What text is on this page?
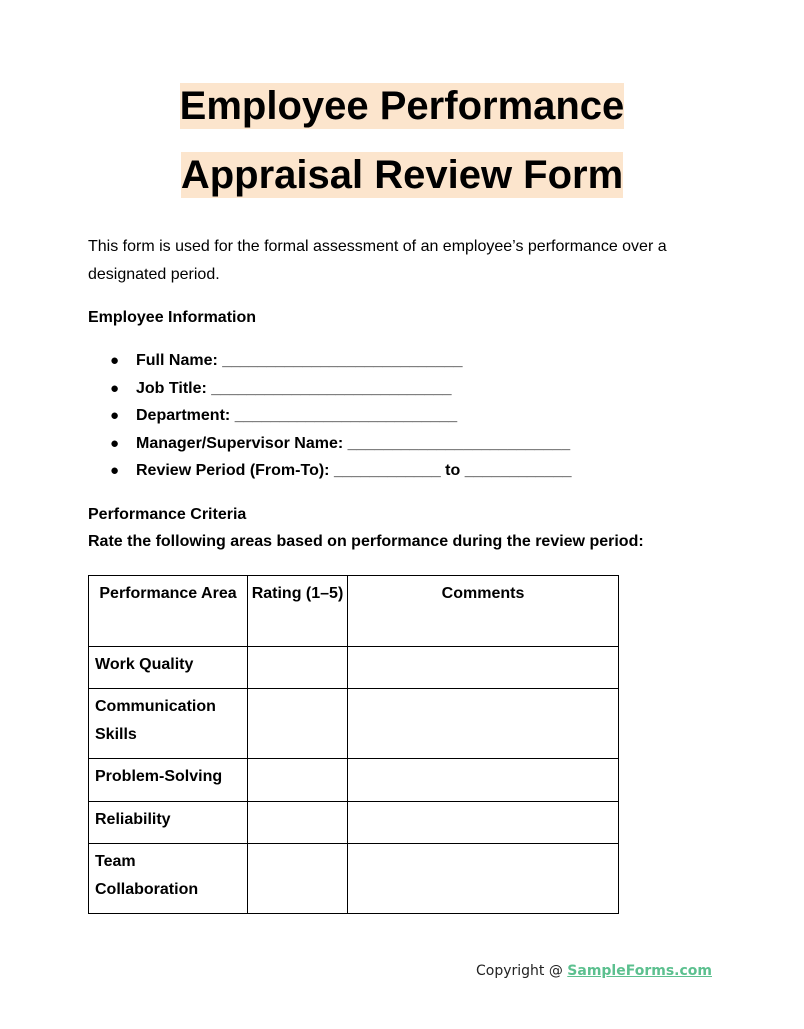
Employee Performance
Appraisal Review Form

This form is used for the formal assessment of an employee’s performance over a designated period.

Employee Information
● Full Name: ___________________________
● Job Title: ___________________________
● Department: _________________________
● Manager/Supervisor Name: _________________________
● Review Period (From-To): ____________ to ____________
Performance Criteria
Rate the following areas based on performance during the review period:
Performance Area	Rating (1–5)	Comments
Work Quality		
Communication Skills		
Problem-Solving		
Reliability		
Team Collaboration		
Copyright @ SampleForms.com
